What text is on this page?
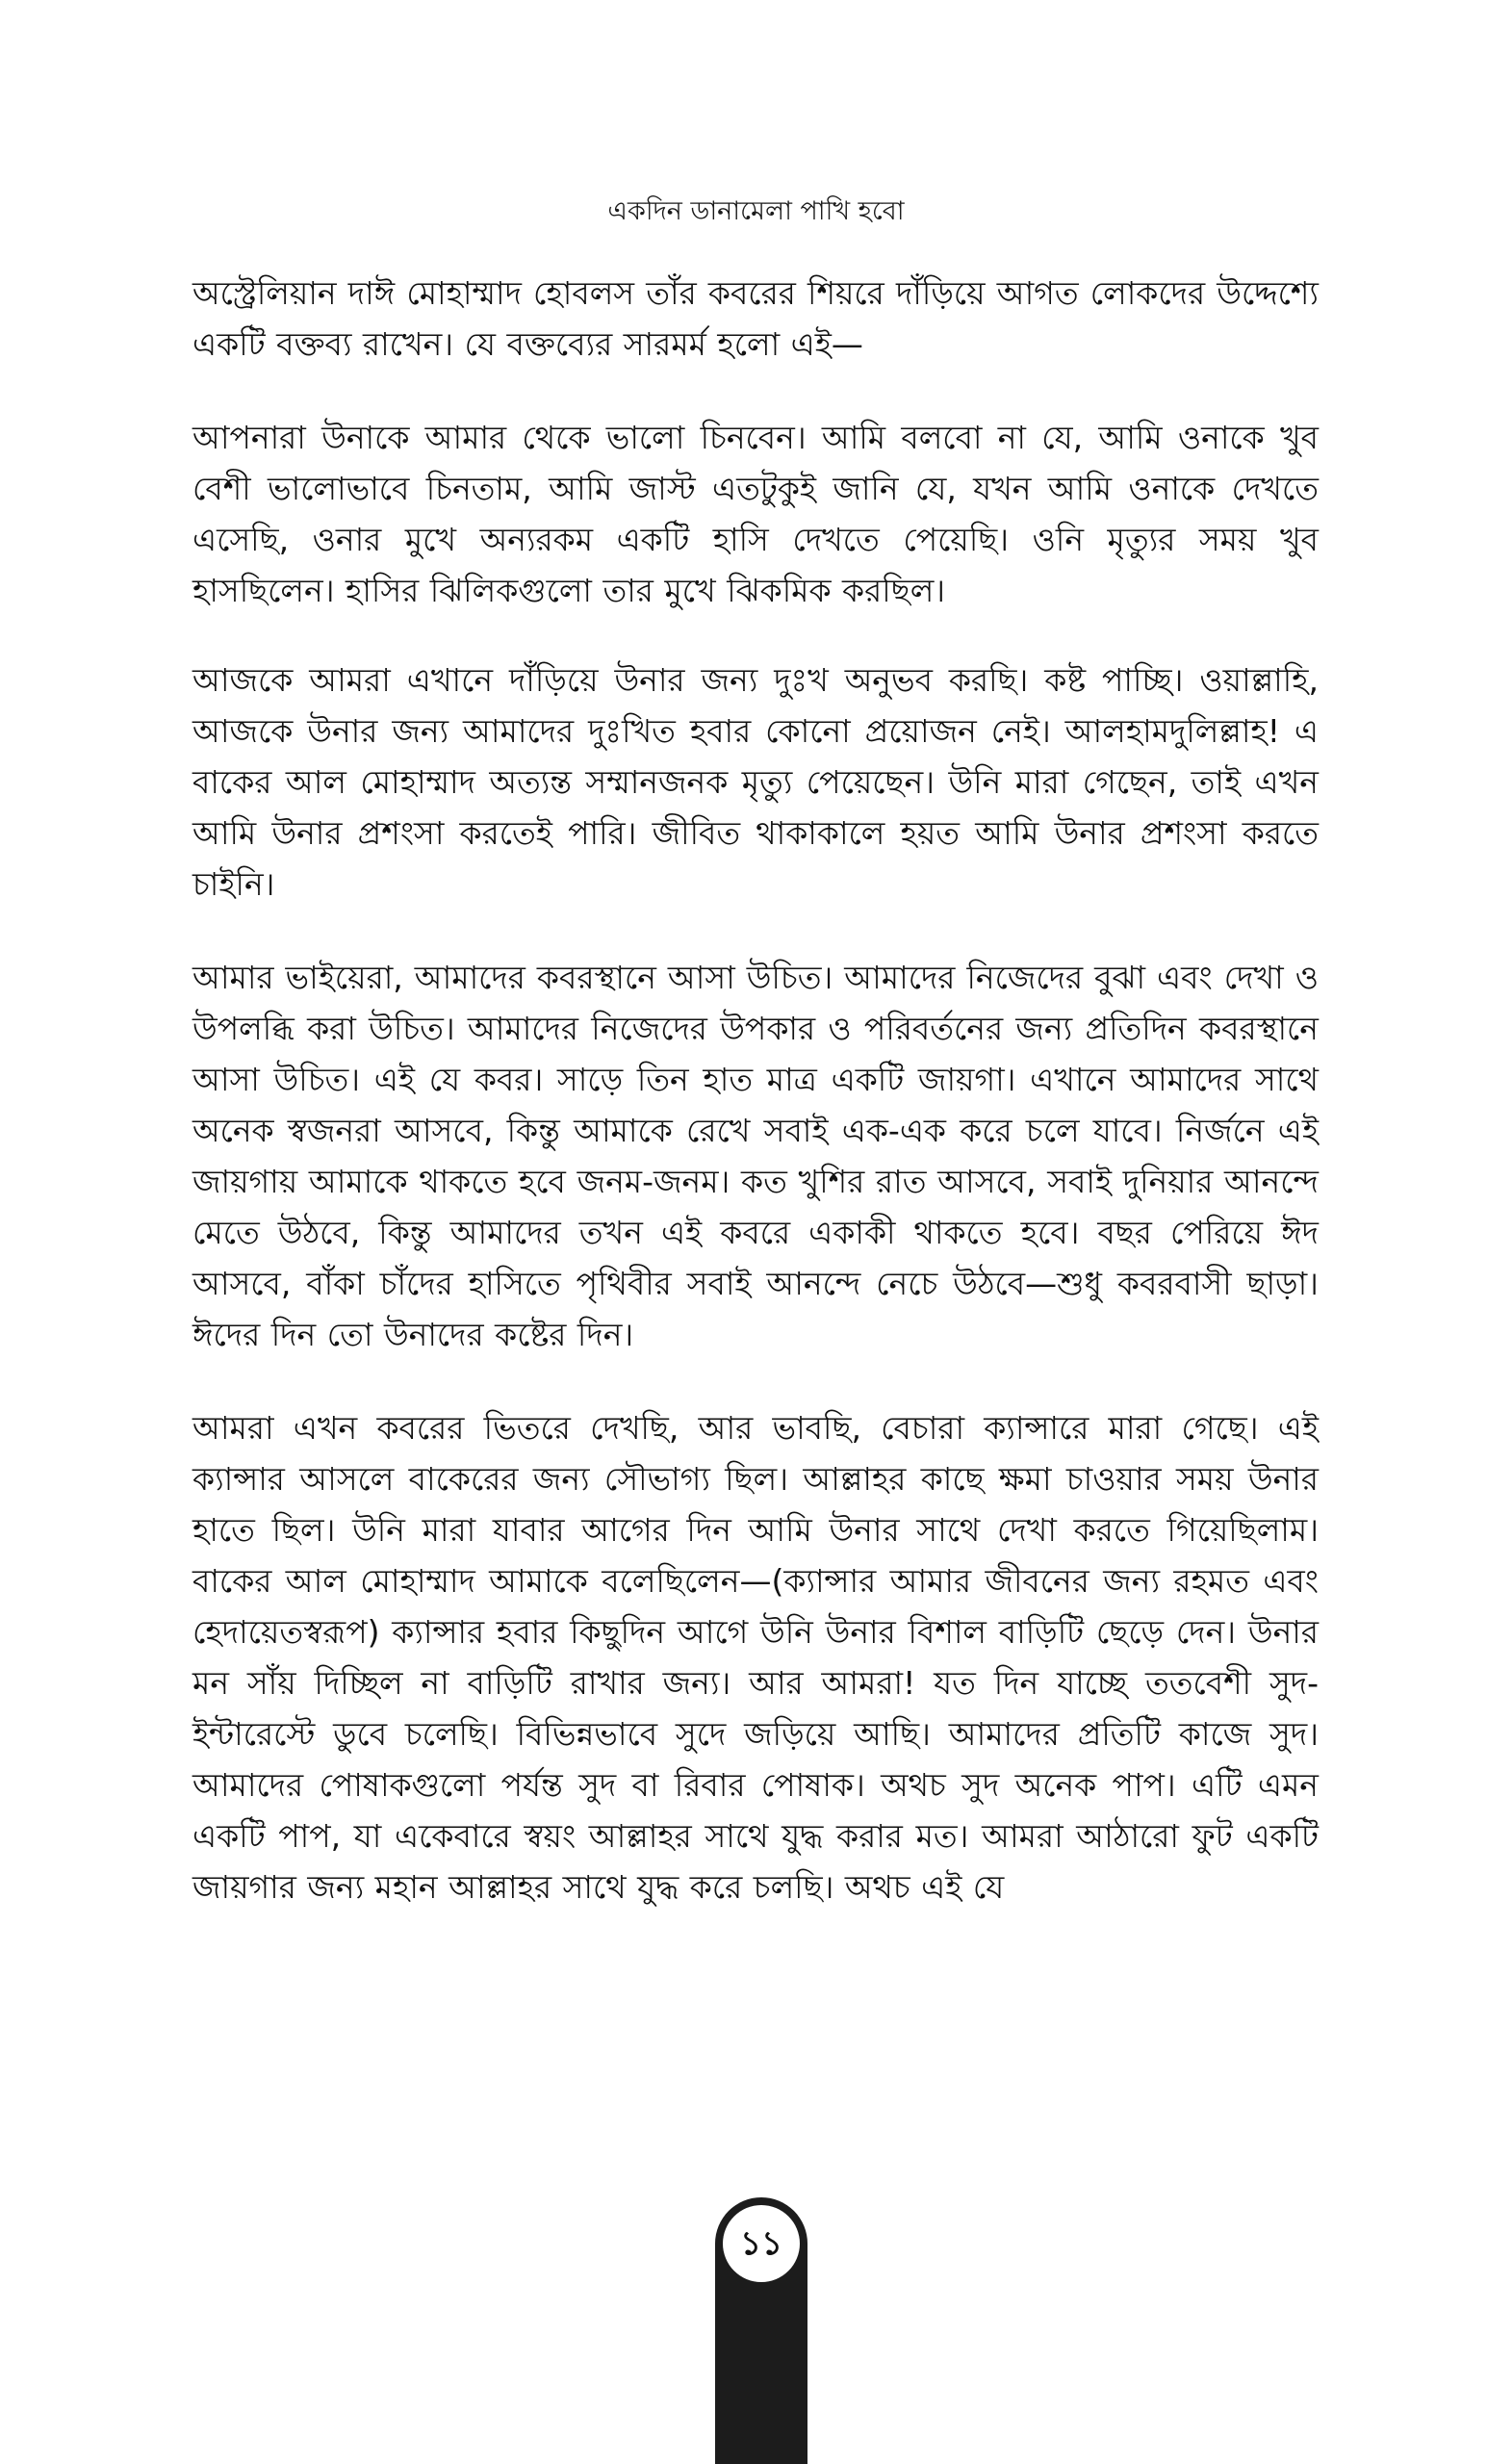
একদিন ডানামেলা পাখি হবো

অস্ট্রেলিয়ান দাঈ মোহাম্মাদ হোবলস তাঁর কবরের শিয়রে দাঁড়িয়ে আগত লোকদের উদ্দেশ্যে একটি বক্তব্য রাখেন। যে বক্তব্যের সারমর্ম হলো এই—

আপনারা উনাকে আমার থেকে ভালো চিনবেন। আমি বলবো না যে, আমি ওনাকে খুব বেশী ভালোভাবে চিনতাম, আমি জাস্ট এতটুকুই জানি যে, যখন আমি ওনাকে দেখতে এসেছি, ওনার মুখে অন্যরকম একটি হাসি দেখতে পেয়েছি। ওনি মৃত্যুর সময় খুব হাসছিলেন। হাসির ঝিলিকগুলো তার মুখে ঝিকমিক করছিল।

আজকে আমরা এখানে দাঁড়িয়ে উনার জন্য দুঃখ অনুভব করছি। কষ্ট পাচ্ছি। ওয়াল্লাহি, আজকে উনার জন্য আমাদের দুঃখিত হবার কোনো প্রয়োজন নেই। আলহামদুলিল্লাহ! এ বাকের আল মোহাম্মাদ অত্যন্ত সম্মানজনক মৃত্যু পেয়েছেন। উনি মারা গেছেন, তাই এখন আমি উনার প্রশংসা করতেই পারি। জীবিত থাকাকালে হয়ত আমি উনার প্রশংসা করতে চাইনি।

আমার ভাইয়েরা, আমাদের কবরস্থানে আসা উচিত। আমাদের নিজেদের বুঝা এবং দেখা ও উপলব্ধি করা উচিত। আমাদের নিজেদের উপকার ও পরিবর্তনের জন্য প্রতিদিন কবরস্থানে আসা উচিত। এই যে কবর। সাড়ে তিন হাত মাত্র একটি জায়গা। এখানে আমাদের সাথে অনেক স্বজনরা আসবে, কিন্তু আমাকে রেখে সবাই এক-এক করে চলে যাবে। নির্জনে এই জায়গায় আমাকে থাকতে হবে জনম-জনম। কত খুশির রাত আসবে, সবাই দুনিয়ার আনন্দে মেতে উঠবে, কিন্তু আমাদের তখন এই কবরে একাকী থাকতে হবে। বছর পেরিয়ে ঈদ আসবে, বাঁকা চাঁদের হাসিতে পৃথিবীর সবাই আনন্দে নেচে উঠবে—শুধু কবরবাসী ছাড়া। ঈদের দিন তো উনাদের কষ্টের দিন।

আমরা এখন কবরের ভিতরে দেখছি, আর ভাবছি, বেচারা ক্যান্সারে মারা গেছে। এই ক্যান্সার আসলে বাকেরের জন্য সৌভাগ্য ছিল। আল্লাহর কাছে ক্ষমা চাওয়ার সময় উনার হাতে ছিল। উনি মারা যাবার আগের দিন আমি উনার সাথে দেখা করতে গিয়েছিলাম। বাকের আল মোহাম্মাদ আমাকে বলেছিলেন—(ক্যান্সার আমার জীবনের জন্য রহমত এবং হেদায়েতস্বরূপ) ক্যান্সার হবার কিছুদিন আগে উনি উনার বিশাল বাড়িটি ছেড়ে দেন। উনার মন সাঁয় দিচ্ছিল না বাড়িটি রাখার জন্য। আর আমরা! যত দিন যাচ্ছে ততবেশী সুদ-ইন্টারেস্টে ডুবে চলেছি। বিভিন্নভাবে সুদে জড়িয়ে আছি। আমাদের প্রতিটি কাজে সুদ। আমাদের পোষাকগুলো পর্যন্ত সুদ বা রিবার পোষাক। অথচ সুদ অনেক পাপ। এটি এমন একটি পাপ, যা একেবারে স্বয়ং আল্লাহর সাথে যুদ্ধ করার মত। আমরা আঠারো ফুট একটি জায়গার জন্য মহান আল্লাহর সাথে যুদ্ধ করে চলছি। অথচ এই যে

১১
